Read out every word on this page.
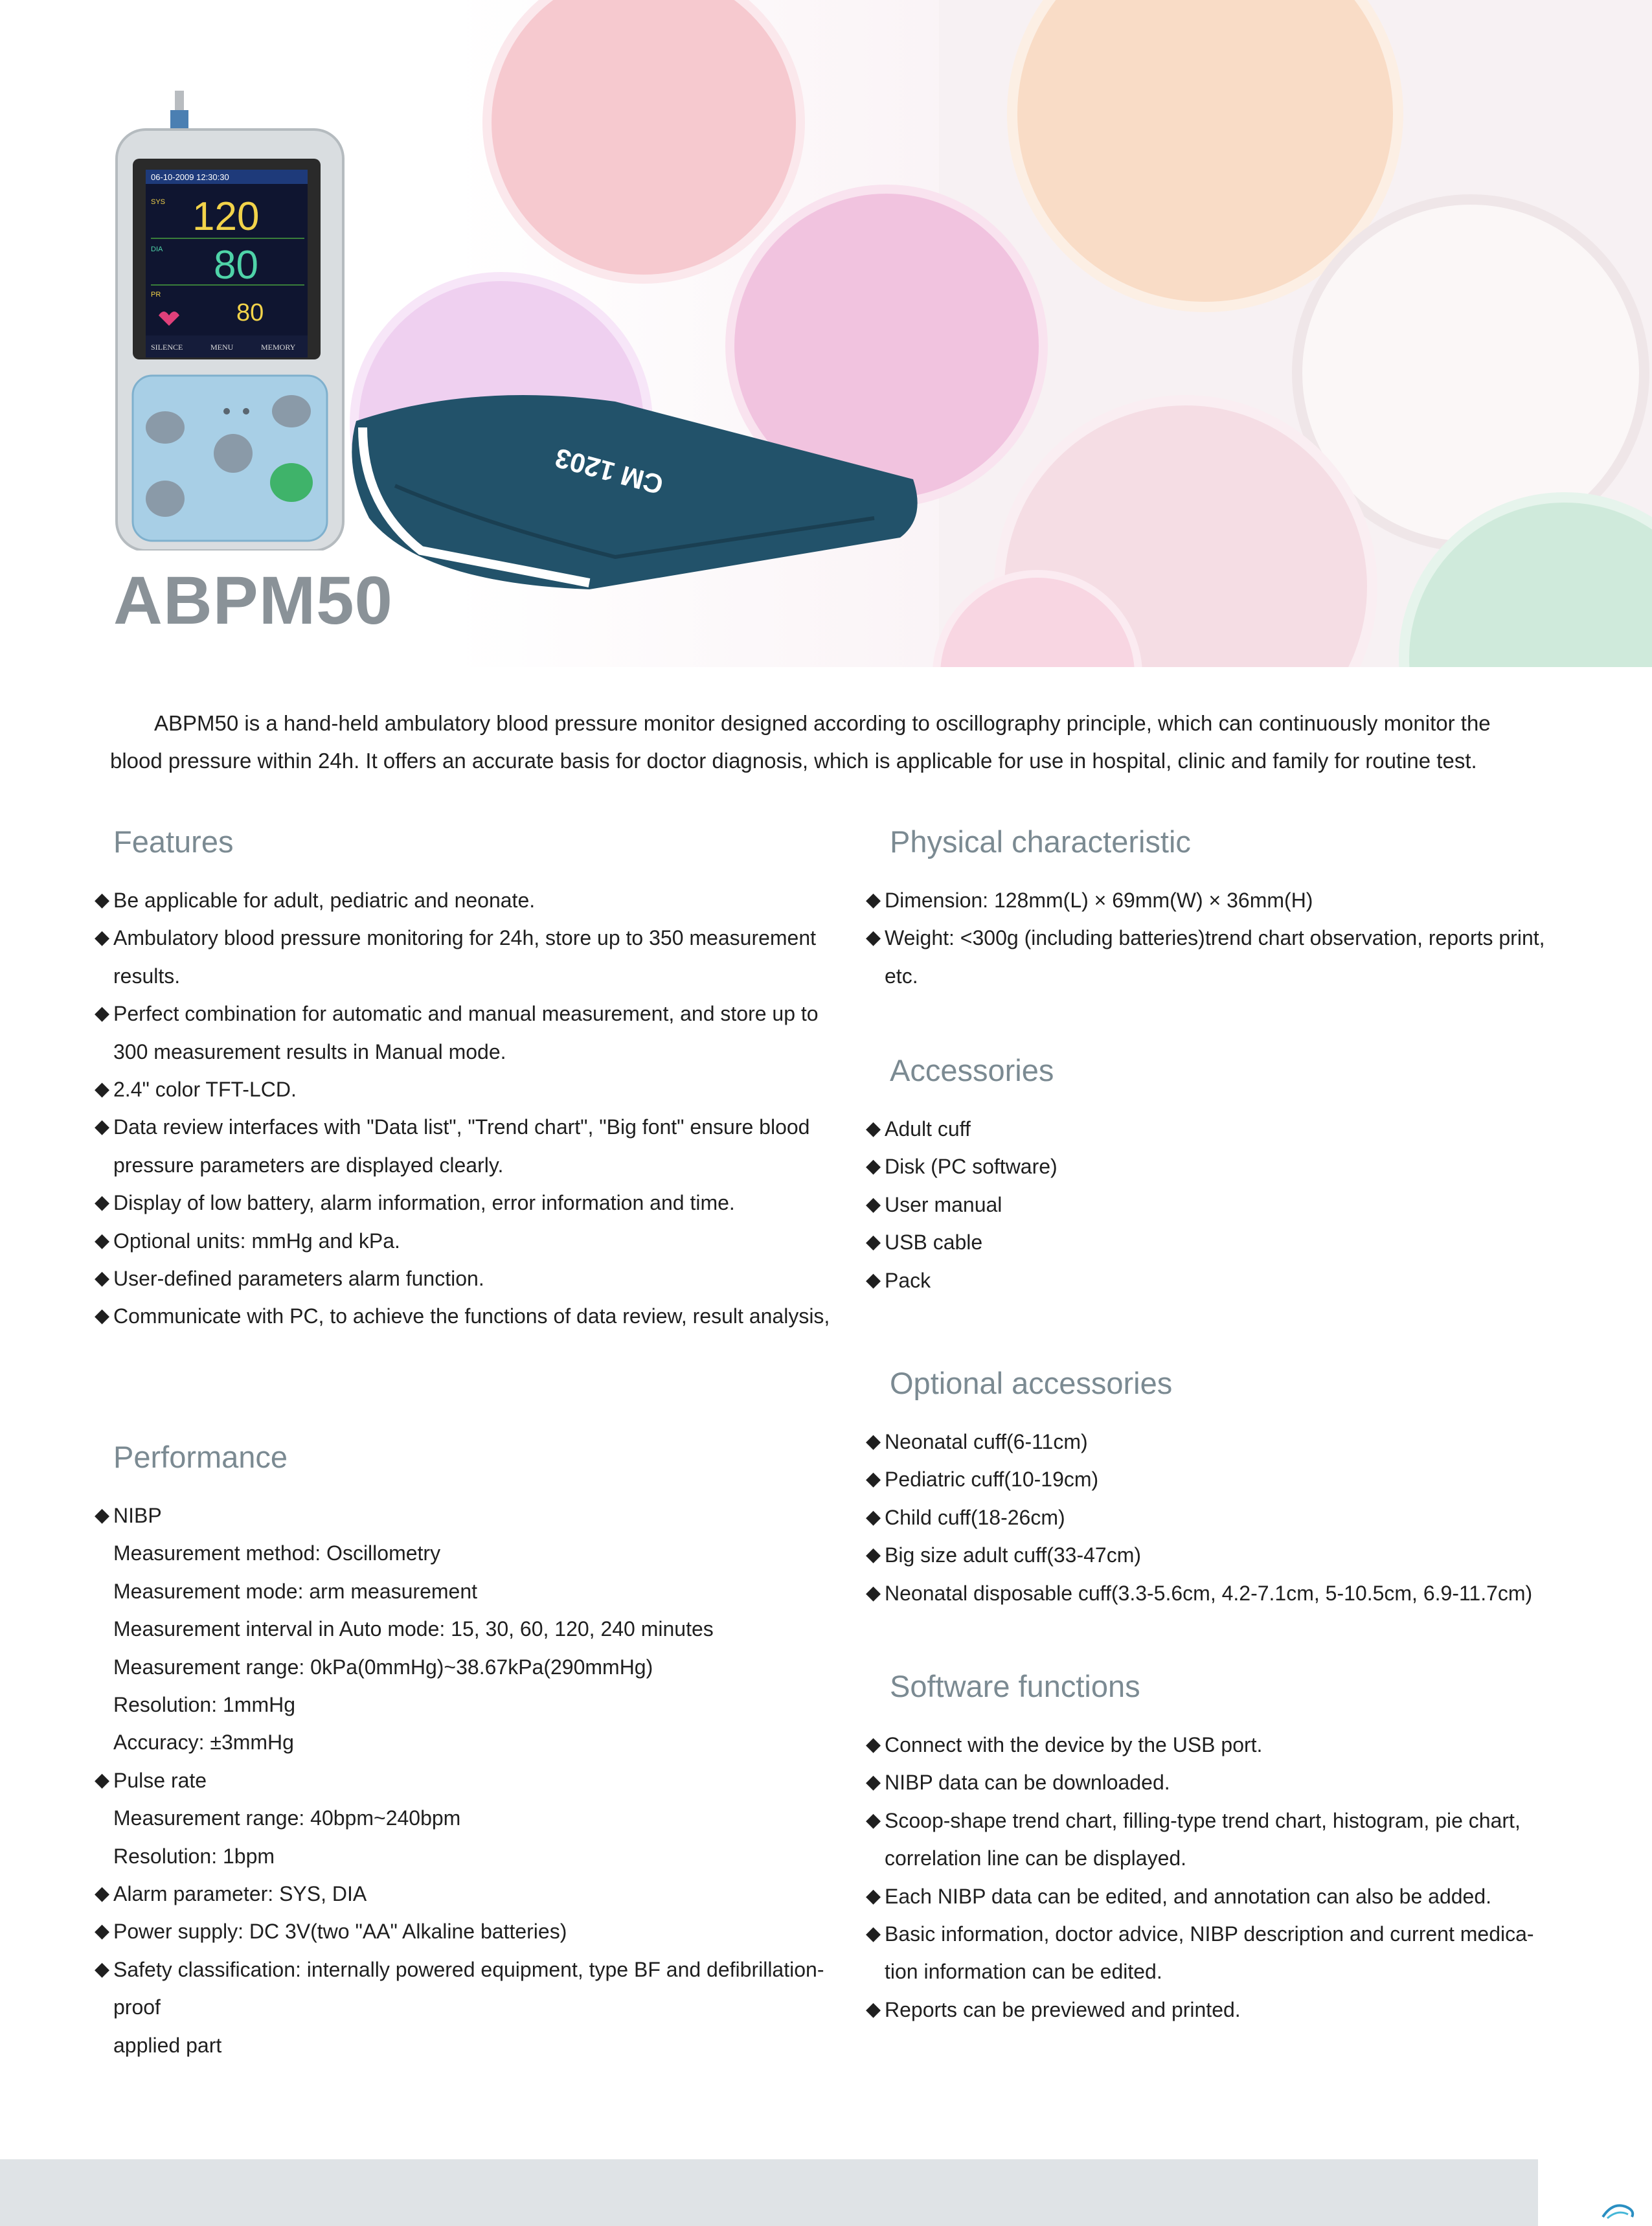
06-10-2009 12:30:30
SYS 120
DIA 80
PR
80
SILENCE	MENU	MEMORY
CM 1203
ABPM50

ABPM50 is a hand-held ambulatory blood pressure monitor designed according to oscillography principle, which can continuously monitor the blood pressure within 24h. It offers an accurate basis for doctor diagnosis, which is applicable for use in hospital, clinic and family for routine test.

Features
◆ Be applicable for adult, pediatric and neonate.
◆ Ambulatory blood pressure monitoring for 24h, store up to 350 measurement
results.
◆ Perfect combination for automatic and manual measurement, and store up to
300 measurement results in Manual mode.
◆ 2.4" color TFT-LCD.
◆ Data review interfaces with "Data list", "Trend chart", "Big font" ensure blood
pressure parameters are displayed clearly.
◆ Display of low battery, alarm information, error information and time.
◆ Optional units: mmHg and kPa.
◆ User-defined parameters alarm function.
◆ Communicate with PC, to achieve the functions of data review, result analysis,
Performance
◆ NIBP
Measurement method: Oscillometry
Measurement mode: arm measurement
Measurement interval in Auto mode: 15, 30, 60, 120, 240 minutes
Measurement range: 0kPa(0mmHg)~38.67kPa(290mmHg)
Resolution: 1mmHg
Accuracy: ±3mmHg
◆ Pulse rate
Measurement range: 40bpm~240bpm
Resolution: 1bpm
◆ Alarm parameter: SYS, DIA
◆ Power supply: DC 3V(two "AA" Alkaline batteries)
◆ Safety classification: internally powered equipment, type BF and defibrillation-proof
applied part
Physical characteristic
◆ Dimension: 128mm(L) × 69mm(W) × 36mm(H)
◆ Weight: <300g (including batteries)trend chart observation, reports print,
etc.
Accessories
◆ Adult cuff
◆ Disk (PC software)
◆ User manual
◆ USB cable
◆ Pack
Optional accessories
◆ Neonatal cuff(6-11cm)
◆ Pediatric cuff(10-19cm)
◆ Child cuff(18-26cm)
◆ Big size adult cuff(33-47cm)
◆ Neonatal disposable cuff(3.3-5.6cm, 4.2-7.1cm, 5-10.5cm, 6.9-11.7cm)
Software functions
◆ Connect with the device by the USB port.
◆ NIBP data can be downloaded.
◆ Scoop-shape trend chart, filling-type trend chart, histogram, pie chart,
correlation line can be displayed.
◆ Each NIBP data can be edited, and annotation can also be added.
◆ Basic information, doctor advice, NIBP description and current medica-
tion information can be edited.
◆ Reports can be previewed and printed.
